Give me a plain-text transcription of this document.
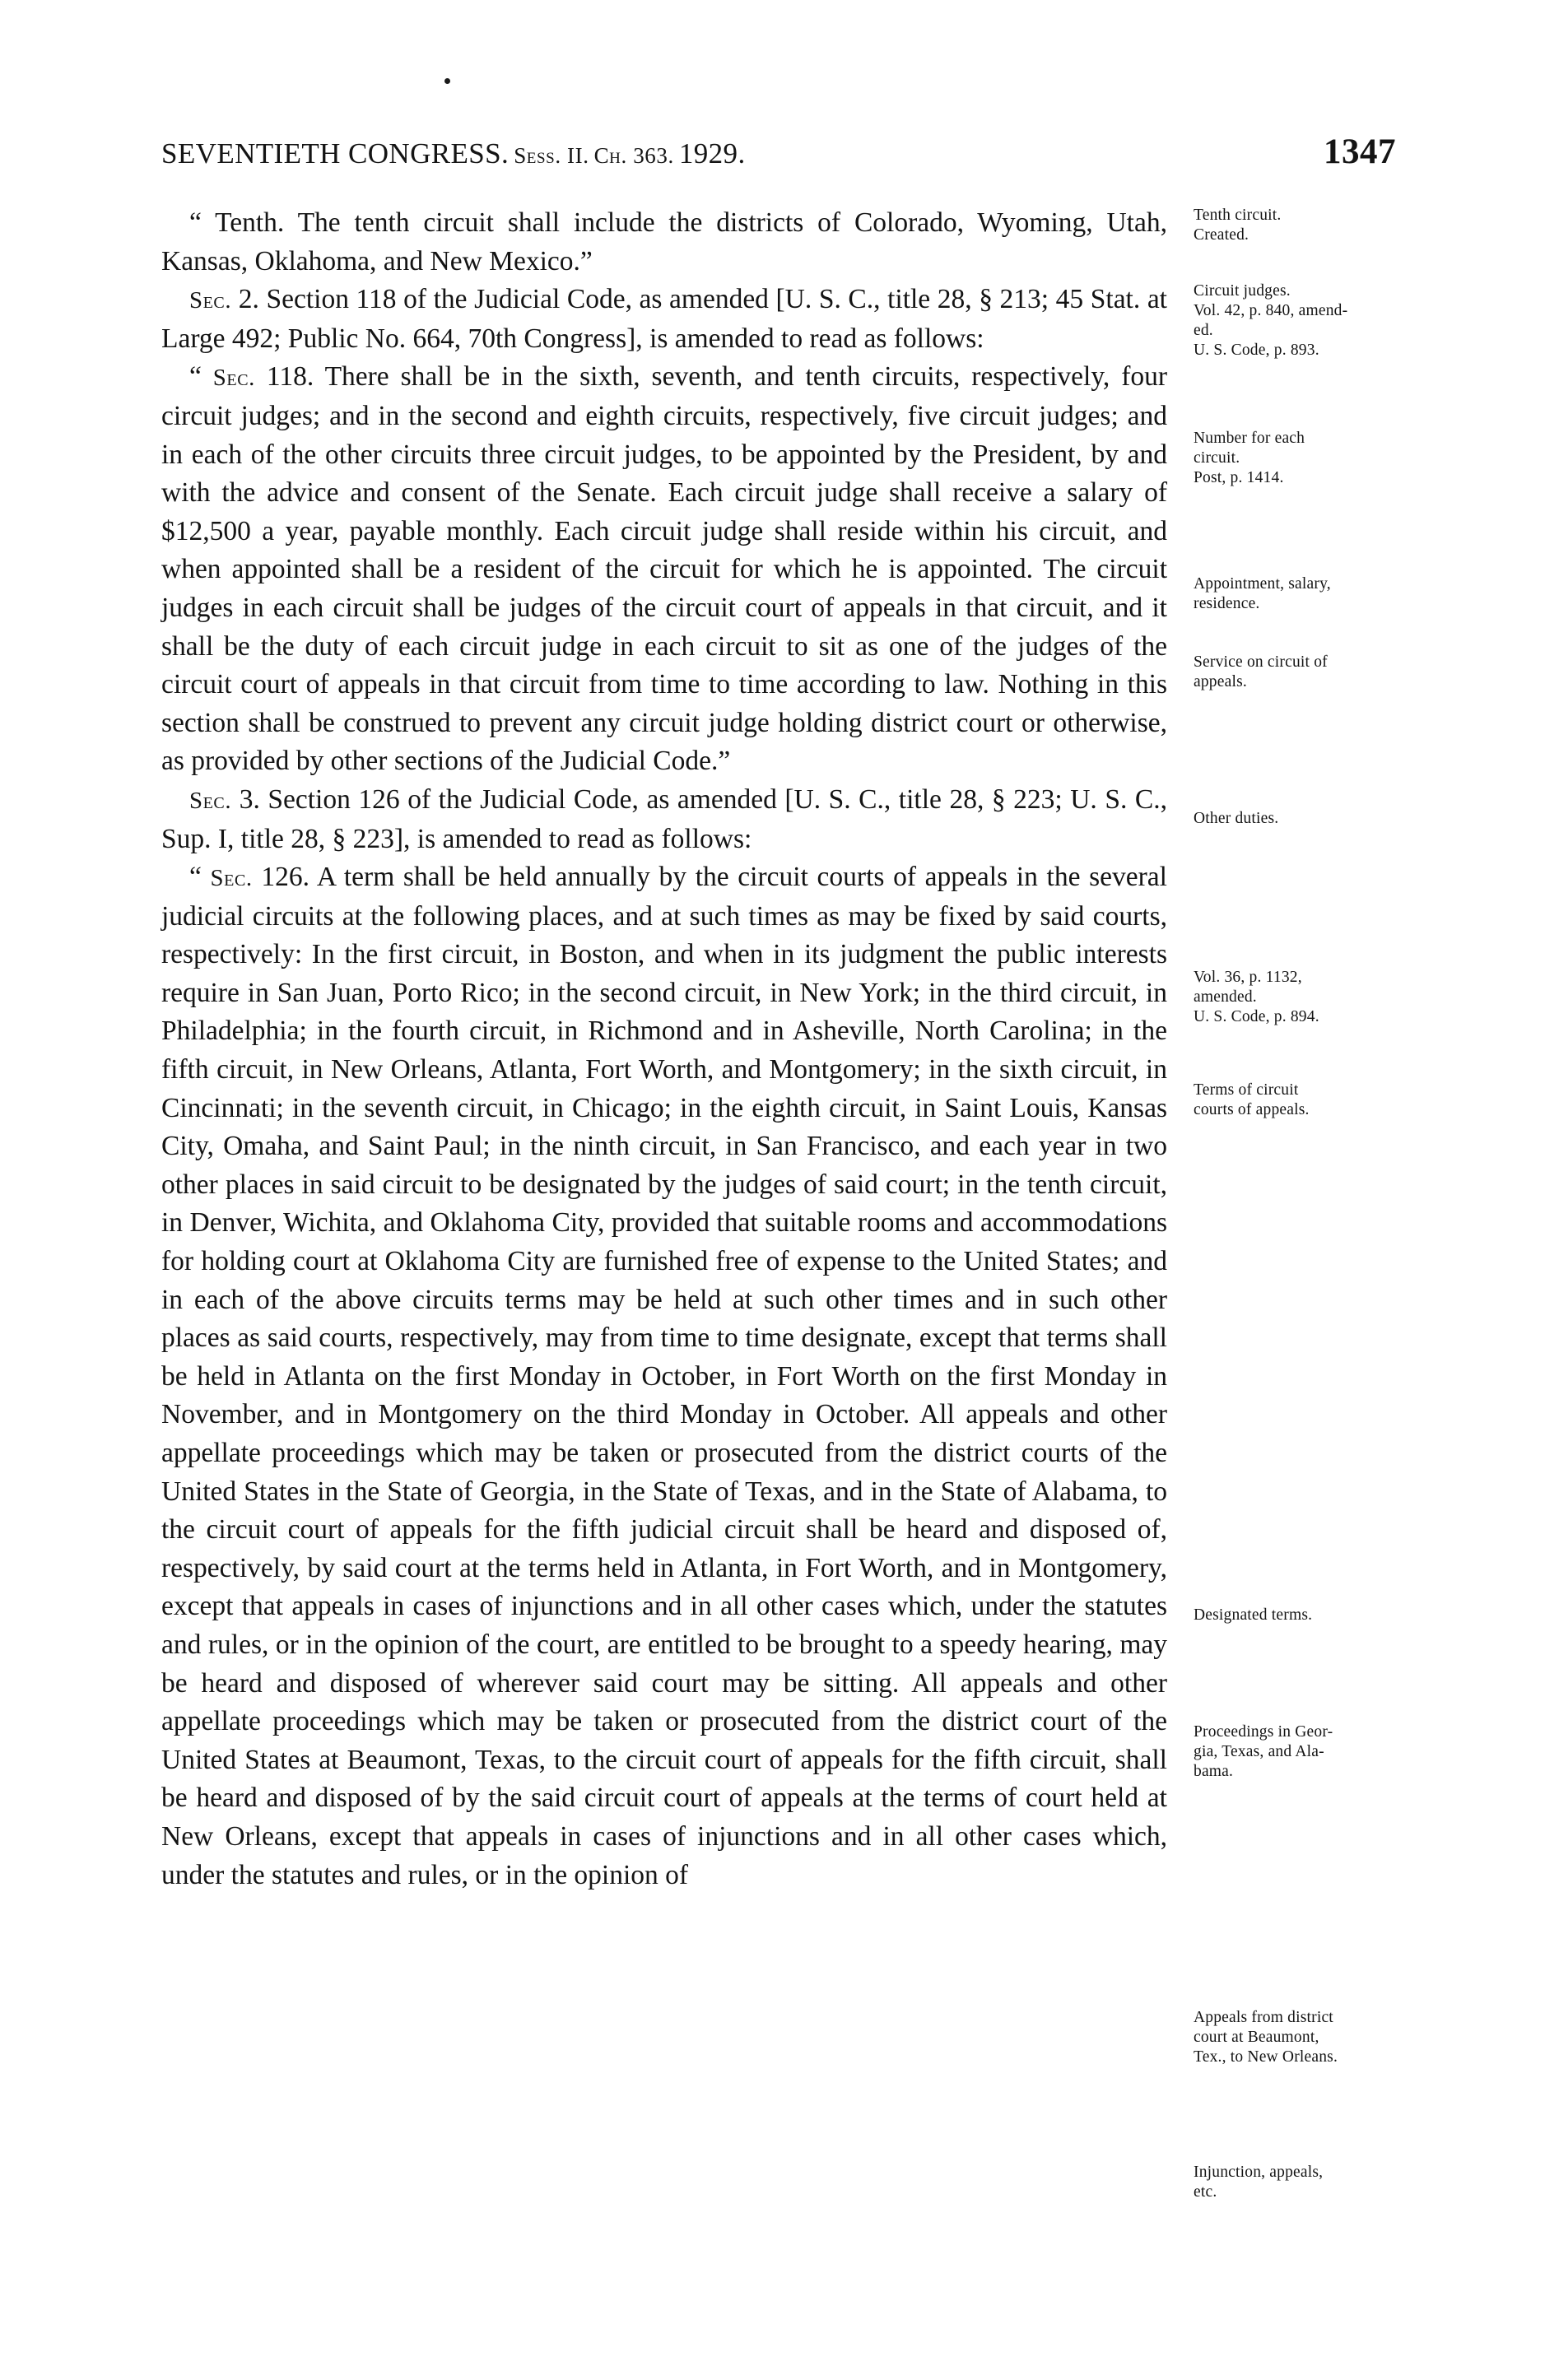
SEVENTIETH CONGRESS. Sess. II. Ch. 363. 1929.	1347

“ Tenth. The tenth circuit shall include the districts of Colorado, Wyoming, Utah, Kansas, Oklahoma, and New Mexico.”

Sec. 2. Section 118 of the Judicial Code, as amended [U. S. C., title 28, § 213; 45 Stat. at Large 492; Public No. 664, 70th Congress], is amended to read as follows:

“ Sec. 118. There shall be in the sixth, seventh, and tenth circuits, respectively, four circuit judges; and in the second and eighth circuits, respectively, five circuit judges; and in each of the other circuits three circuit judges, to be appointed by the President, by and with the advice and consent of the Senate. Each circuit judge shall receive a salary of $12,500 a year, payable monthly. Each circuit judge shall reside within his circuit, and when appointed shall be a resident of the circuit for which he is appointed. The circuit judges in each circuit shall be judges of the circuit court of appeals in that circuit, and it shall be the duty of each circuit judge in each circuit to sit as one of the judges of the circuit court of appeals in that circuit from time to time according to law. Nothing in this section shall be construed to prevent any circuit judge holding district court or otherwise, as provided by other sections of the Judicial Code.”

Sec. 3. Section 126 of the Judicial Code, as amended [U. S. C., title 28, § 223; U. S. C., Sup. I, title 28, § 223], is amended to read as follows:

“ Sec. 126. A term shall be held annually by the circuit courts of appeals in the several judicial circuits at the following places, and at such times as may be fixed by said courts, respectively: In the first circuit, in Boston, and when in its judgment the public interests require in San Juan, Porto Rico; in the second circuit, in New York; in the third circuit, in Philadelphia; in the fourth circuit, in Richmond and in Asheville, North Carolina; in the fifth circuit, in New Orleans, Atlanta, Fort Worth, and Montgomery; in the sixth circuit, in Cincinnati; in the seventh circuit, in Chicago; in the eighth circuit, in Saint Louis, Kansas City, Omaha, and Saint Paul; in the ninth circuit, in San Francisco, and each year in two other places in said circuit to be designated by the judges of said court; in the tenth circuit, in Denver, Wichita, and Oklahoma City, provided that suitable rooms and accommodations for holding court at Oklahoma City are furnished free of expense to the United States; and in each of the above circuits terms may be held at such other times and in such other places as said courts, respectively, may from time to time designate, except that terms shall be held in Atlanta on the first Monday in October, in Fort Worth on the first Monday in November, and in Montgomery on the third Monday in October. All appeals and other appellate proceedings which may be taken or prosecuted from the district courts of the United States in the State of Georgia, in the State of Texas, and in the State of Alabama, to the circuit court of appeals for the fifth judicial circuit shall be heard and disposed of, respectively, by said court at the terms held in Atlanta, in Fort Worth, and in Montgomery, except that appeals in cases of injunctions and in all other cases which, under the statutes and rules, or in the opinion of the court, are entitled to be brought to a speedy hearing, may be heard and disposed of wherever said court may be sitting. All appeals and other appellate proceedings which may be taken or prosecuted from the district court of the United States at Beaumont, Texas, to the circuit court of appeals for the fifth circuit, shall be heard and disposed of by the said circuit court of appeals at the terms of court held at New Orleans, except that appeals in cases of injunctions and in all other cases which, under the statutes and rules, or in the opinion of

Tenth circuit.
Created.
Circuit judges.
Vol. 42, p. 840, amend-
ed.
U. S. Code, p. 893.
Number for each
circuit.
Post, p. 1414.
Appointment, salary,
residence.
Service on circuit of
appeals.
Other duties.
Vol. 36, p. 1132,
amended.
U. S. Code, p. 894.
Terms of circuit
courts of appeals.
Designated terms.
Proceedings in Geor-
gia, Texas, and Ala-
bama.
Appeals from district
court at Beaumont,
Tex., to New Orleans.
Injunction, appeals,
etc.
